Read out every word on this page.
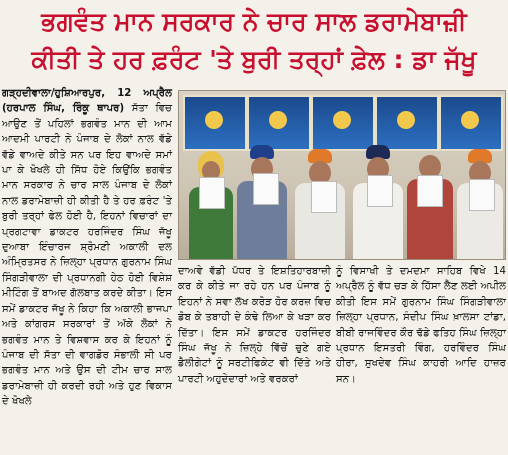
ਭਗਵੰਤ ਮਾਨ ਸਰਕਾਰ ਨੇ ਚਾਰ ਸਾਲ ਡਰਾਮੇਬਾਜ਼ੀ
ਕੀਤੀ ਤੇ ਹਰ ਫ਼ਰੰਟ 'ਤੇ ਬੁਰੀ ਤਰ੍ਹਾਂ ਫ਼ੇਲ : ਡਾ ਜੱਖੂ

ਗੜ੍ਹਦੀਵਾਲਾ/ਹੁਸ਼ਿਆਰਪੁਰ, 12 ਅਪ੍ਰੈਲ (ਹਰਪਾਲ ਸਿੰਘ, ਰਿੰਕੂ ਥਾਪਰ) ਸੱਤਾ ਵਿਚ ਆਉਣ ਤੋਂ ਪਹਿਲਾਂ ਭਗਵੰਤ ਮਾਨ ਦੀ ਆਮ ਆਦਮੀ ਪਾਰਟੀ ਨੇ ਪੰਜਾਬ ਦੇ ਲੋਕਾਂ ਨਾਲ ਵੱਡੇ ਵੱਡੇ ਵਾਅਦੇ ਕੀਤੇ ਸਨ ਪਰ ਇਹ ਵਾਅਦੇ ਸਮਾਂ ਪਾ ਕੇ ਖੋਖਲੇ ਹੀ ਸਿੱਧ ਹੋਏ ਕਿਉਂਕਿ ਭਗਵੰਤ ਮਾਨ ਸਰਕਾਰ ਨੇ ਚਾਰ ਸਾਲ ਪੰਜਾਬ ਦੇ ਲੋਕਾਂ ਨਾਲ ਡਰਾਮੇਬਾਜ਼ੀ ਹੀ ਕੀਤੀ ਹੈ ਤੇ ਹਰ ਫ਼ਰੰਟ 'ਤੇ ਬੁਰੀ ਤਰ੍ਹਾਂ ਫੇਲ ਹੋਈ ਹੈ, ਇਹਨਾਂ ਵਿਚਾਰਾਂ ਦਾ ਪ੍ਰਗਟਾਵਾ ਡਾਕਟਰ ਹਰਜਿੰਦਰ ਸਿੰਘ ਜੱਖੂ ਦੁਆਬਾ ਇੰਚਾਰਜ ਸ਼੍ਰੋਮਣੀ ਅਕਾਲੀ ਦਲ ਅੰਮ੍ਰਿਤਸਰ ਨੇ ਜ਼ਿਲ੍ਹਾ ਪ੍ਰਧਾਨ ਗੁਰਨਾਮ ਸਿੰਘ ਸਿੰਗੜੀਵਾਲਾ ਦੀ ਪ੍ਰਧਾਨਗੀ ਹੇਠ ਹੋਈ ਵਿਸ਼ੇਸ਼ ਮੀਟਿੰਗ ਤੋਂ ਬਾਅਦ ਗੱਲਬਾਤ ਕਰਦੇ ਕੀਤਾ। ਇਸ ਸਮੇਂ ਡਾਕਟਰ ਜੱਖੂ ਨੇ ਕਿਹਾ ਕਿ ਅਕਾਲੀ ਭਾਜਪਾ ਅਤੇ ਕਾਂਗਰਸ ਸਰਕਾਰਾਂ ਤੋਂ ਅੱਕੇ ਲੋਕਾਂ ਨੇ ਭਗਵੰਤ ਮਾਨ ਤੇ ਵਿਸ਼ਵਾਸ ਕਰ ਕੇ ਇਹਨਾਂ ਨੂੰ ਪੰਜਾਬ ਦੀ ਸੱਤਾ ਦੀ ਵਾਗਡੋਰ ਸੰਭਾਲੀ ਸੀ ਪਰ ਭਗਵੰਤ ਮਾਨ ਅਤੇ ਉਸ ਦੀ ਟੀਮ ਚਾਰ ਸਾਲ ਡਰਾਮੇਬਾਜ਼ੀ ਹੀ ਕਰਦੀ ਰਹੀ ਅਤੇ ਹੁਣ ਵਿਕਾਸ ਦੇ ਖੋਖਲੇ

ਦਾਅਵੇ ਵੱਡੀ ਪੱਧਰ ਤੇ ਇਸ਼ਤਿਹਾਰਬਾਜ਼ੀ ਕਰ ਕੇ ਕੀਤੇ ਜਾ ਰਹੇ ਹਨ ਪਰ ਪੰਜਾਬ ਨੂੰ ਇਹਨਾਂ ਨੇ ਸਵਾ ਲੱਖ ਕਰੋੜ ਹੋਰ ਕਰਜ਼ ਵਿਚ ਡੋਬ ਕੇ ਤਬਾਹੀ ਦੇ ਕੰਢੇ ਲਿਆ ਕੇ ਖੜਾ ਕਰ ਦਿੱਤਾ। ਇਸ ਸਮੇਂ ਡਾਕਟਰ ਹਰਜਿੰਦਰ ਸਿੰਘ ਜੱਖੂ ਨੇ ਜ਼ਿਲ੍ਹੇ ਵਿੱਚੋਂ ਚੁਣੇ ਗਏ ਡੈਲੀਗੇਟਾਂ ਨੂੰ ਸਰਟੀਫਿਕੇਟ ਵੀ ਦਿੱਤੇ ਅਤੇ ਪਾਰਟੀ ਅਹੁਦੇਦਾਰਾਂ ਅਤੇ ਵਰਕਰਾਂ

ਨੂੰ ਵਿਸਾਖੀ ਤੇ ਦਮਦਮਾ ਸਾਹਿਬ ਵਿਖੇ 14 ਅਪ੍ਰੈਲ ਨੂੰ ਵੱਧ ਚੜ ਕੇ ਹਿੱਸਾ ਲੈਣ ਲਈ ਅਪੀਲ ਕੀਤੀ ਇਸ ਸਮੇਂ ਗੁਰਨਾਮ ਸਿੰਘ ਸਿੰਗੜੀਵਾਲਾ ਜ਼ਿਲ੍ਹਾ ਪ੍ਰਧਾਨ, ਸੰਦੀਪ ਸਿੰਘ ਖ਼ਾਲਸਾ ਟਾਂਡਾ, ਬੀਬੀ ਰਾਜਵਿੰਦਰ ਕੌਰ ਢੱਡੇ ਫਤਿਹ ਸਿੰਘ ਜ਼ਿਲ੍ਹਾ ਪ੍ਰਧਾਨ ਇਸਤਰੀ ਵਿੰਗ, ਹਰਵਿੰਦਰ ਸਿੰਘ ਹੀਰਾ, ਸੁਖਦੇਵ ਸਿੰਘ ਕਾਹਰੀ ਆਦਿ ਹਾਜ਼ਰ ਸਨ।
